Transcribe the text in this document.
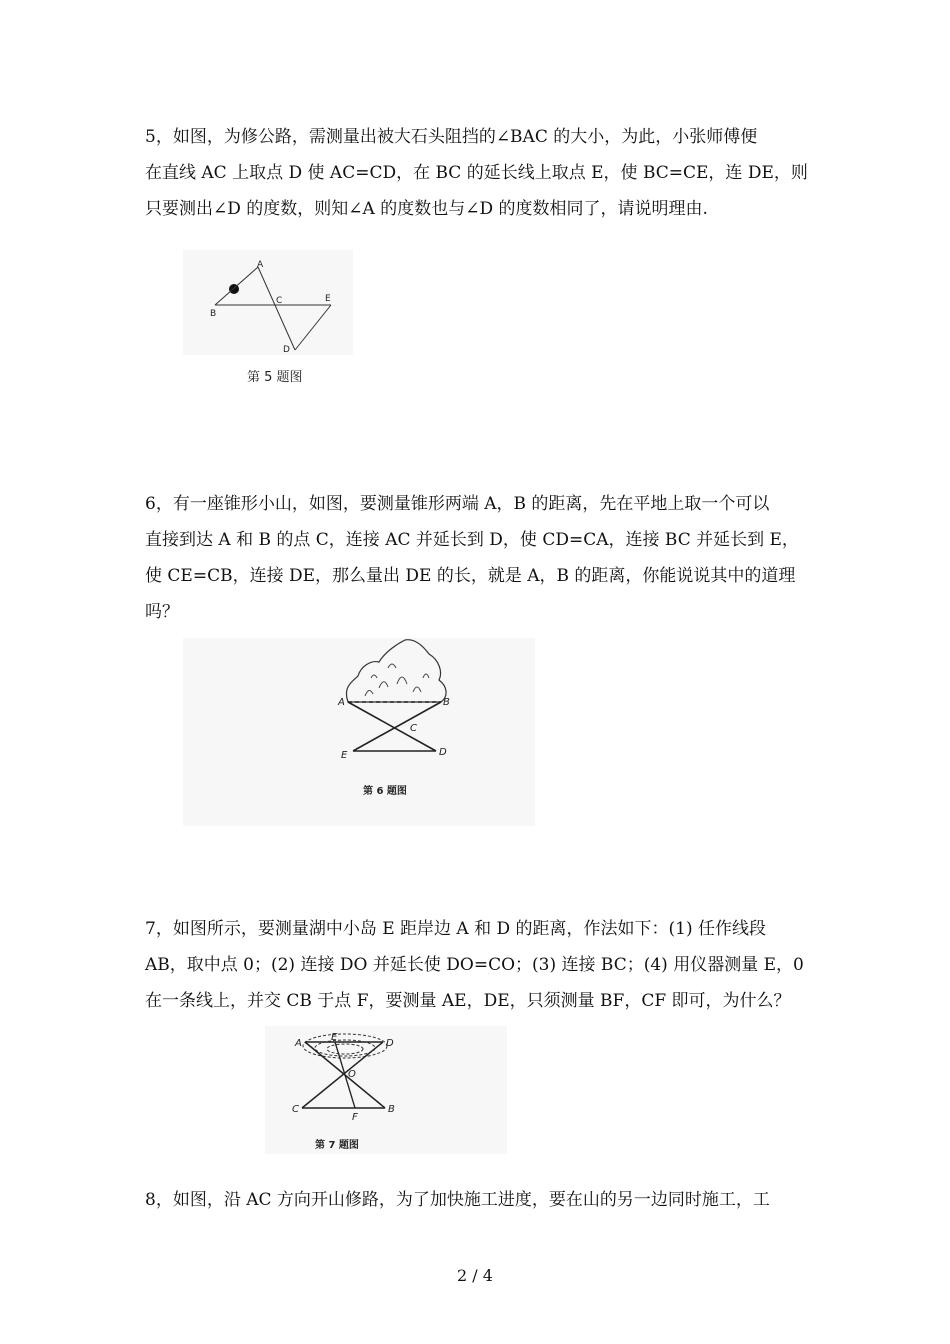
5，如图，为修公路，需测量出被大石头阻挡的∠BAC 的大小，为此，小张师傅便
在直线 AC 上取点 D 使 AC=CD，在 BC 的延长线上取点 E，使 BC=CE，连 DE，则
只要测出∠D 的度数，则知∠A 的度数也与∠D 的度数相同了，请说明理由.

A
B
C	E
D
第 5 题图

6，有一座锥形小山，如图，要测量锥形两端 A，B 的距离，先在平地上取一个可以
直接到达 A 和 B 的点 C，连接 AC 并延长到 D，使 CD=CA，连接 BC 并延长到 E，
使 CE=CB，连接 DE，那么量出 DE 的长，就是 A，B 的距离，你能说说其中的道理
吗？

A	B
C
E	D
第 6 题图

7，如图所示，要测量湖中小岛 E 距岸边 A 和 D 的距离，作法如下：(1) 任作线段
AB，取中点 0；(2) 连接 DO 并延长使 DO=CO；(3) 连接 BC；(4) 用仪器测量 E，0
在一条线上，并交 CB 于点 F，要测量 AE，DE，只须测量 BF，CF 即可，为什么？

A
E
D
O
C
F
B
第 7 题图

8，如图，沿 AC 方向开山修路，为了加快施工进度，要在山的另一边同时施工，工

2 / 4
